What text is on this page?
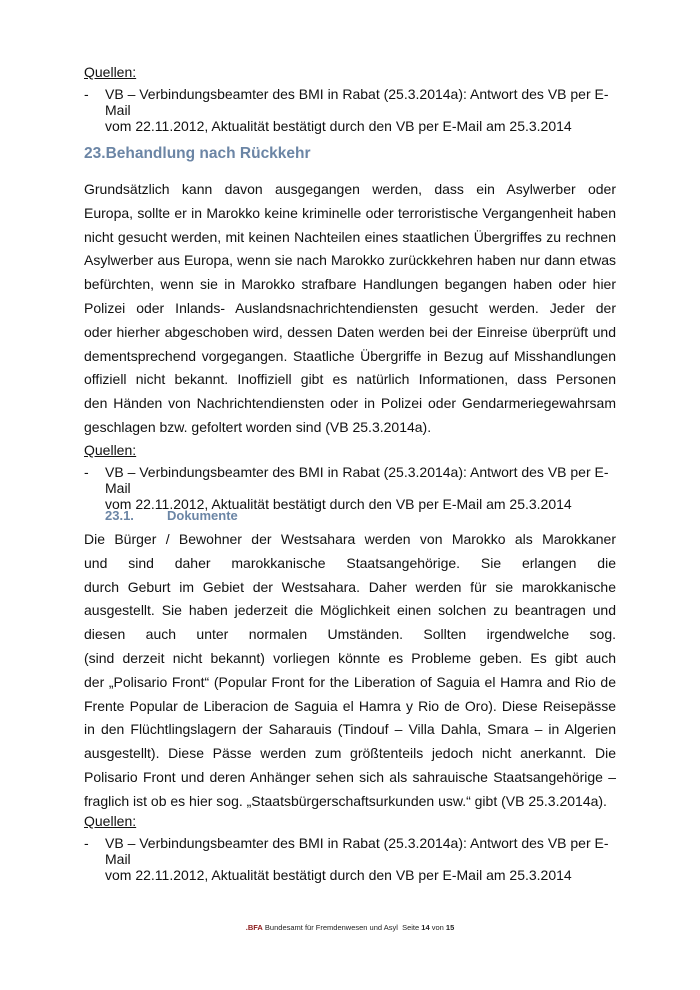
Quellen:
- VB – Verbindungsbeamter des BMI in Rabat (25.3.2014a): Antwort des VB per E-Mail
vom 22.11.2012, Aktualität bestätigt durch den VB per E-Mail am 25.3.2014
23.Behandlung nach Rückkehr
Grundsätzlich kann davon ausgegangen werden, dass ein Asylwerber oder
Europa, sollte er in Marokko keine kriminelle oder terroristische Vergangenheit haben
nicht gesucht werden, mit keinen Nachteilen eines staatlichen Übergriffes zu rechnen
Asylwerber aus Europa, wenn sie nach Marokko zurückkehren haben nur dann etwas
befürchten, wenn sie in Marokko strafbare Handlungen begangen haben oder hier
Polizei oder Inlands- Auslandsnachrichtendiensten gesucht werden. Jeder der
oder hierher abgeschoben wird, dessen Daten werden bei der Einreise überprüft und
dementsprechend vorgegangen. Staatliche Übergriffe in Bezug auf Misshandlungen
offiziell nicht bekannt. Inoffiziell gibt es natürlich Informationen, dass Personen
den Händen von Nachrichtendiensten oder in Polizei oder Gendarmeriegewahrsam
geschlagen bzw. gefoltert worden sind (VB 25.3.2014a).
Quellen:
- VB – Verbindungsbeamter des BMI in Rabat (25.3.2014a): Antwort des VB per E-Mail
vom 22.11.2012, Aktualität bestätigt durch den VB per E-Mail am 25.3.2014
23.1.	Dokumente
Die Bürger / Bewohner der Westsahara werden von Marokko als Marokkaner
und sind daher marokkanische Staatsangehörige. Sie erlangen die
durch Geburt im Gebiet der Westsahara. Daher werden für sie marokkanische
ausgestellt. Sie haben jederzeit die Möglichkeit einen solchen zu beantragen und
diesen auch unter normalen Umständen. Sollten irgendwelche sog.
(sind derzeit nicht bekannt) vorliegen könnte es Probleme geben. Es gibt auch
der „Polisario Front“ (Popular Front for the Liberation of Saguia el Hamra and Rio de
Frente Popular de Liberacion de Saguia el Hamra y Rio de Oro). Diese Reisepässe
in den Flüchtlingslagern der Saharauis (Tindouf – Villa Dahla, Smara – in Algerien
ausgestellt). Diese Pässe werden zum größtenteils jedoch nicht anerkannt. Die
Polisario Front und deren Anhänger sehen sich als sahrauische Staatsangehörige –
fraglich ist ob es hier sog. „Staatsbürgerschaftsurkunden usw.“ gibt (VB 25.3.2014a).
Quellen:
- VB – Verbindungsbeamter des BMI in Rabat (25.3.2014a): Antwort des VB per E-Mail
vom 22.11.2012, Aktualität bestätigt durch den VB per E-Mail am 25.3.2014
.BFA Bundesamt für Fremdenwesen und Asyl Seite 14 von 15
